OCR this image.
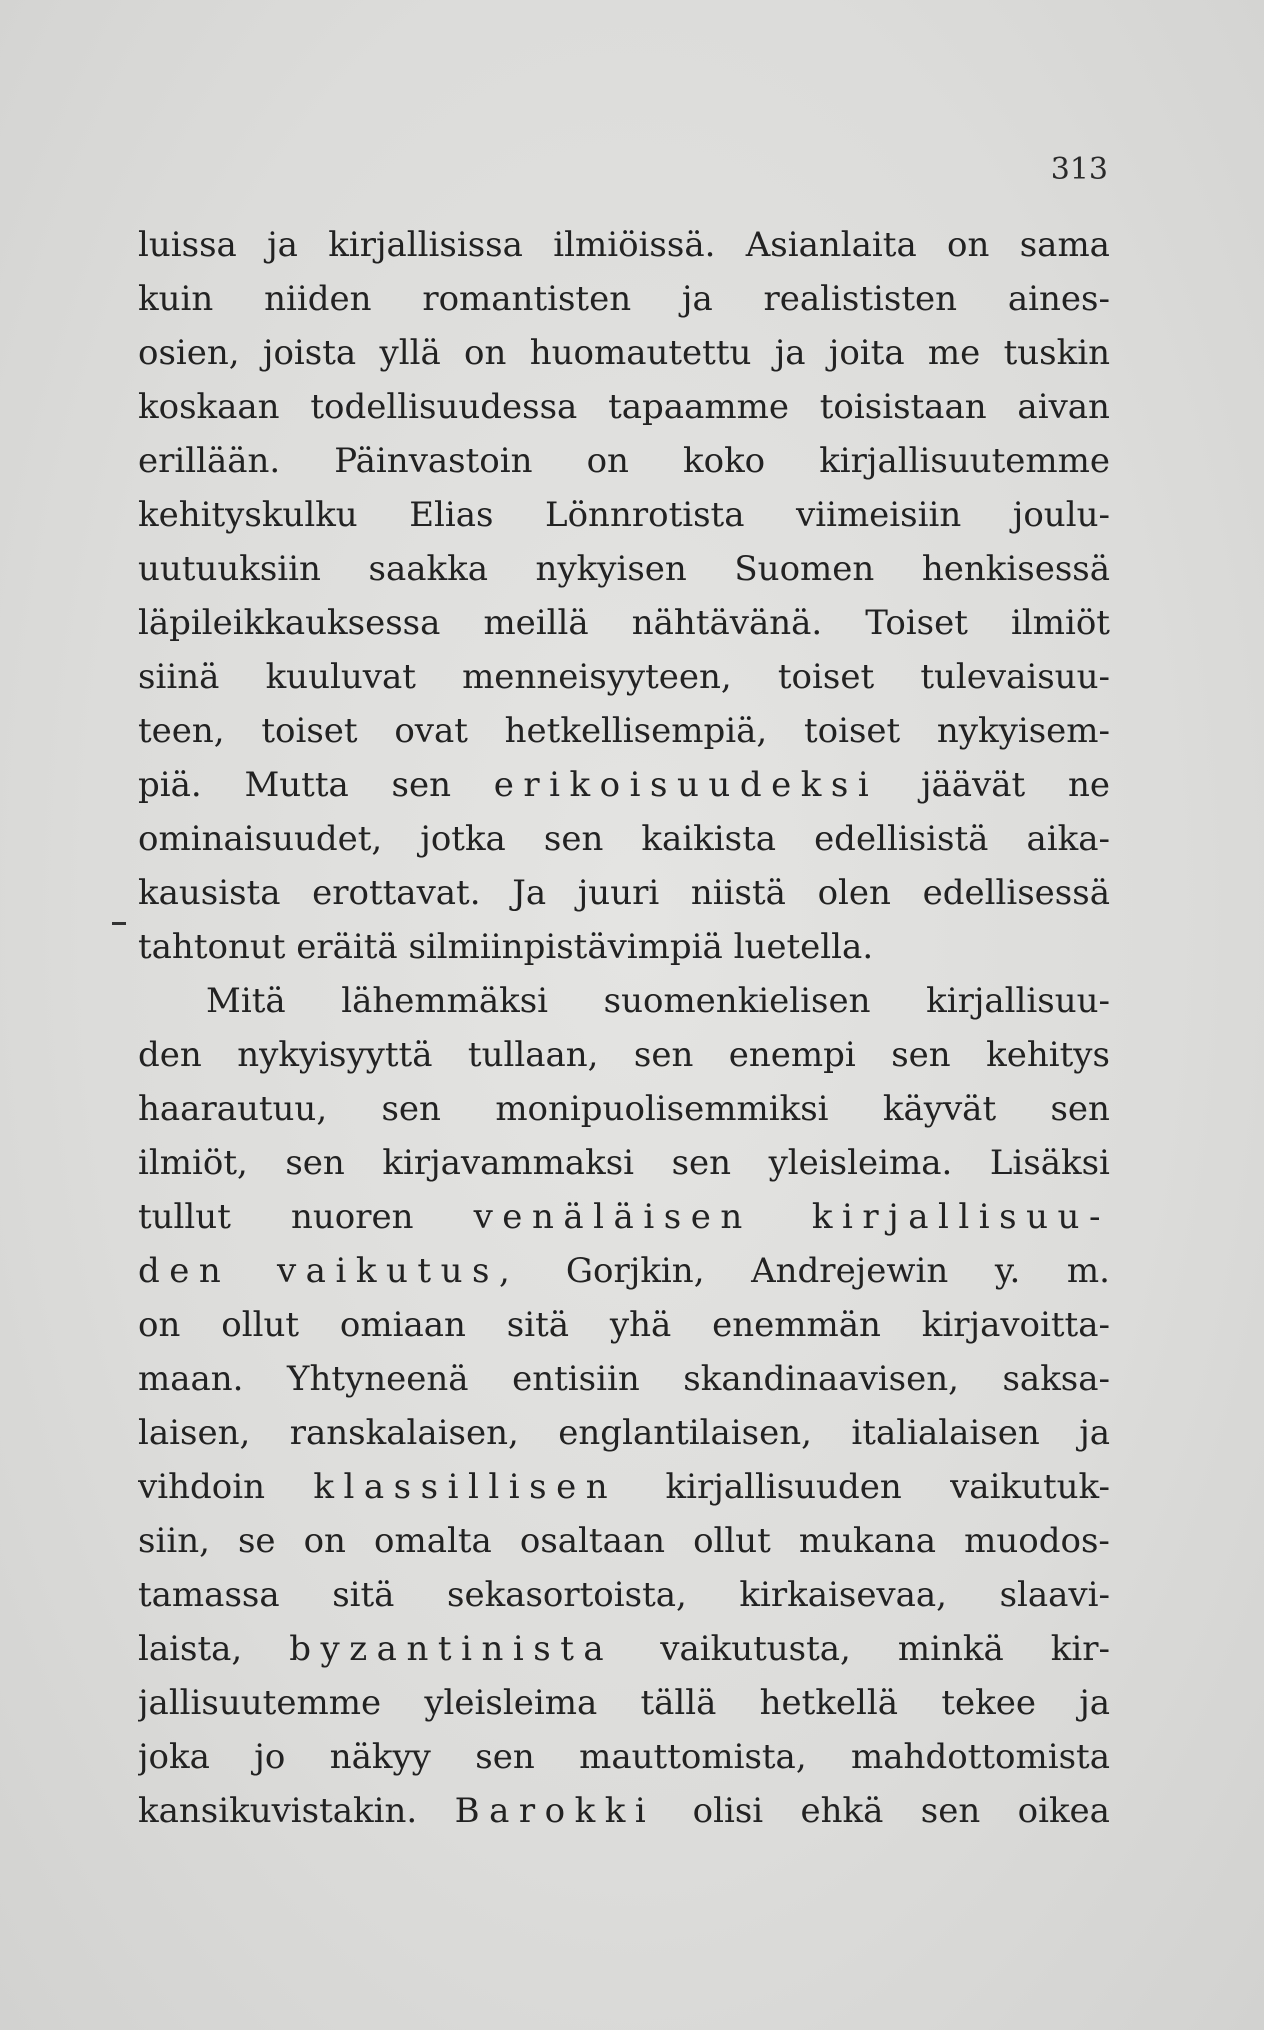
313
luissa ja kirjallisissa ilmiöissä. Asianlaita on sama
kuin niiden romantisten ja realististen aines-
osien, joista yllä on huomautettu ja joita me tuskin
koskaan todellisuudessa tapaamme toisistaan aivan
erillään. Päinvastoin on koko kirjallisuutemme
kehityskulku Elias Lönnrotista viimeisiin joulu-
uutuuksiin saakka nykyisen Suomen henkisessä
läpileikkauksessa meillä nähtävänä. Toiset ilmiöt
siinä kuuluvat menneisyyteen, toiset tulevaisuu-
teen, toiset ovat hetkellisempiä, toiset nykyisem-
piä. Mutta sen erikoisuudeksi jäävät ne
ominaisuudet, jotka sen kaikista edellisistä aika-
kausista erottavat. Ja juuri niistä olen edellisessä
tahtonut eräitä silmiinpistävimpiä luetella.
Mitä lähemmäksi suomenkielisen kirjallisuu-
den nykyisyyttä tullaan, sen enempi sen kehitys
haarautuu, sen monipuolisemmiksi käyvät sen
ilmiöt, sen kirjavammaksi sen yleisleima. Lisäksi
tullut nuoren venäläisen kirjallisuu-
den vaikutus, Gorjkin, Andrejewin y. m.
on ollut omiaan sitä yhä enemmän kirjavoitta-
maan. Yhtyneenä entisiin skandinaavisen, saksa-
laisen, ranskalaisen, englantilaisen, italialaisen ja
vihdoin klassillisen kirjallisuuden vaikutuk-
siin, se on omalta osaltaan ollut mukana muodos-
tamassa sitä sekasortoista, kirkaisevaa, slaavi-
laista, byzantinista vaikutusta, minkä kir-
jallisuutemme yleisleima tällä hetkellä tekee ja
joka jo näkyy sen mauttomista, mahdottomista
kansikuvistakin. Barokki olisi ehkä sen oikea
